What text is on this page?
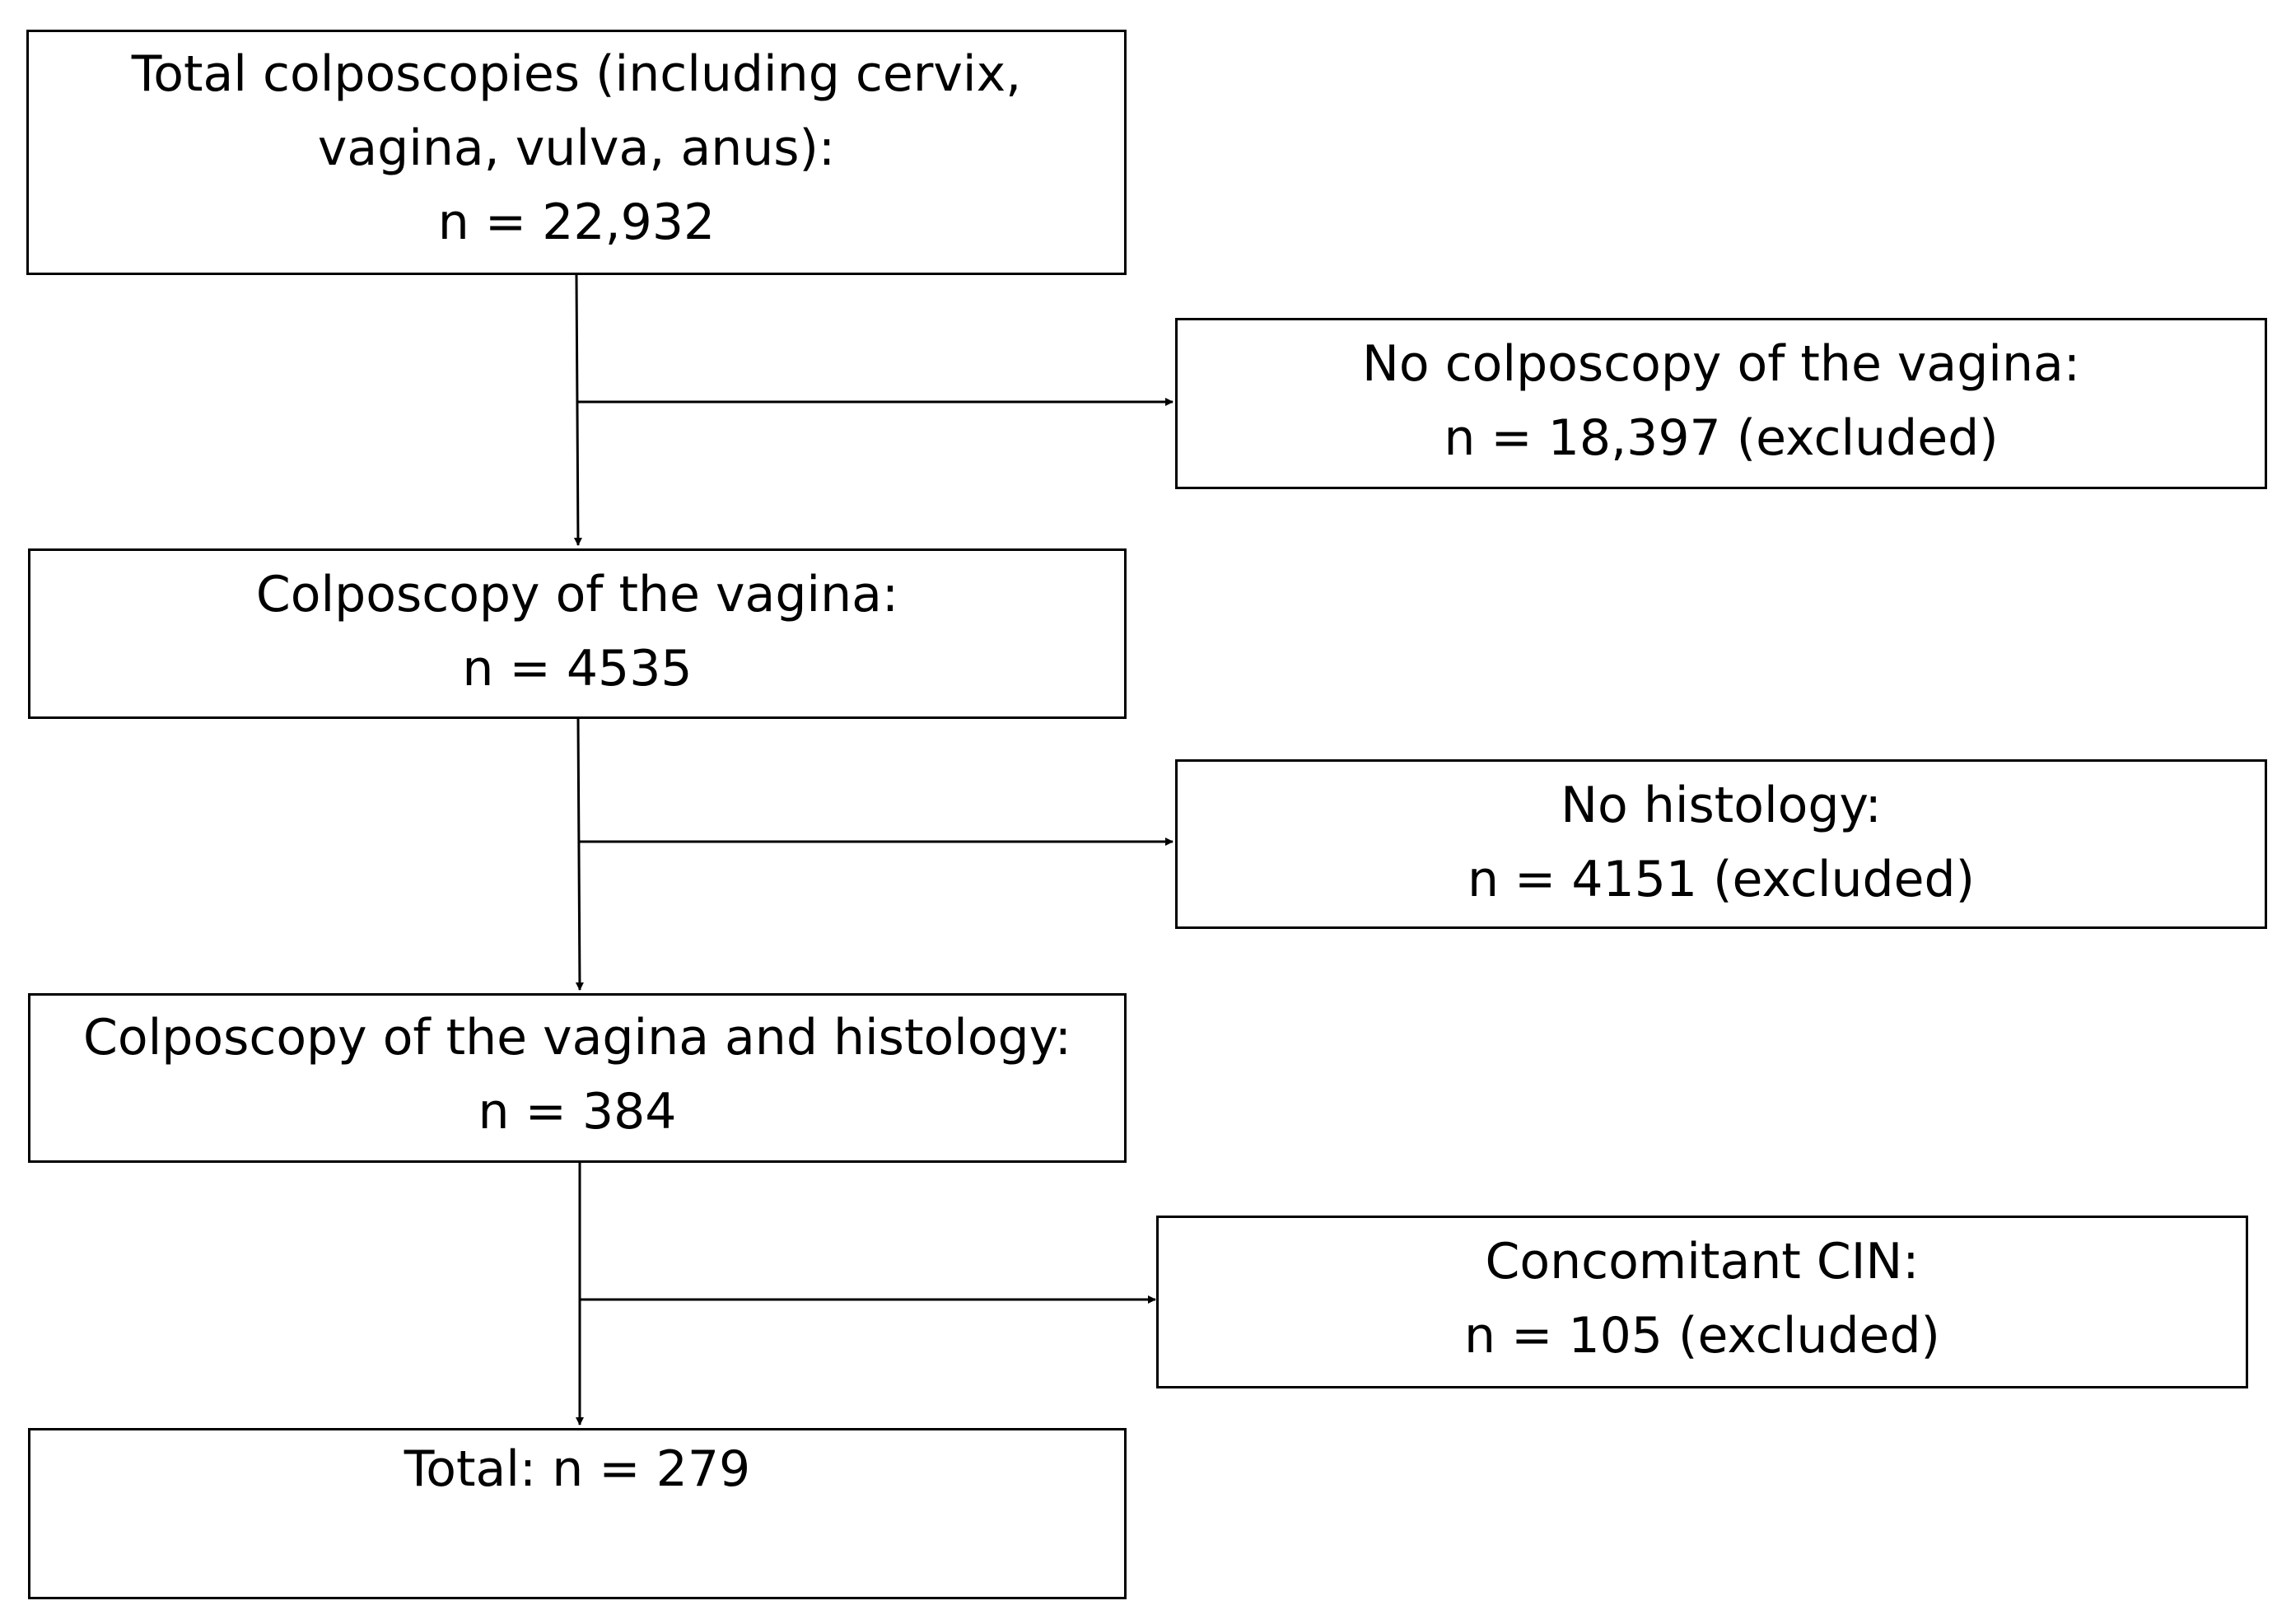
Total colposcopies (including cervix,
vagina, vulva, anus):
n = 22,932
Colposcopy of the vagina:
n = 4535
Colposcopy of the vagina and histology:
n = 384
Total: n = 279
No colposcopy of the vagina:
n = 18,397 (excluded)
No histology:
n = 4151 (excluded)
Concomitant CIN:
n = 105 (excluded)
